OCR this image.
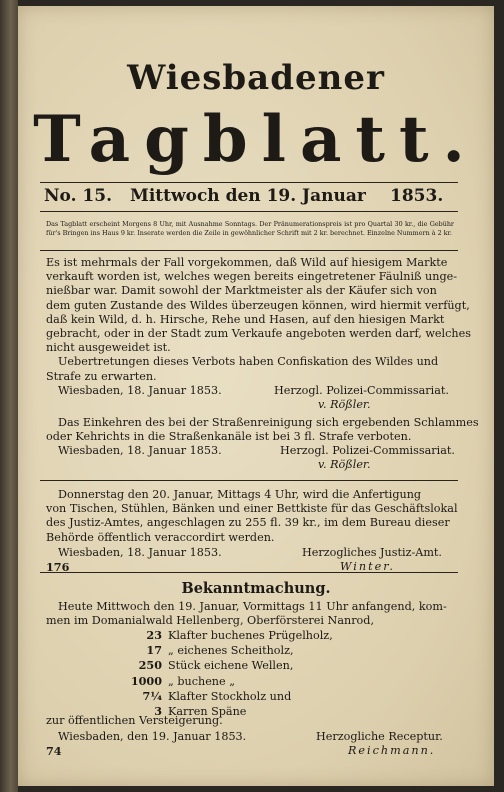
Wiesbadener
Tagblatt.
No. 15. Mittwoch den 19. Januar 1853.
Das Tagblatt erscheint Morgens 8 Uhr, mit Ausnahme Sonntags. Der Pränumerationspreis ist pro Quartal 30 kr., die Gebühr für's Bringen ins Haus 9 kr. Inserate werden die Zeile in gewöhnlicher Schrift mit 2 kr. berechnet. Einzelne Nummern à 2 kr.
Es ist mehrmals der Fall vorgekommen, daß Wild auf hiesigem Markte
verkauft worden ist, welches wegen bereits eingetretener Fäulniß unge-
nießbar war. Damit sowohl der Marktmeister als der Käufer sich von
dem guten Zustande des Wildes überzeugen können, wird hiermit verfügt,
daß kein Wild, d. h. Hirsche, Rehe und Hasen, auf den hiesigen Markt
gebracht, oder in der Stadt zum Verkaufe angeboten werden darf, welches
nicht ausgeweidet ist.
Uebertretungen dieses Verbots haben Confiskation des Wildes und
Strafe zu erwarten.
Wiesbaden, 18. Januar 1853.	Herzogl. Polizei-Commissariat.
v. Rößler.
Das Einkehren des bei der Straßenreinigung sich ergebenden Schlammes
oder Kehrichts in die Straßenkanäle ist bei 3 fl. Strafe verboten.
Wiesbaden, 18. Januar 1853.	Herzogl. Polizei-Commissariat.
v. Rößler.
Donnerstag den 20. Januar, Mittags 4 Uhr, wird die Anfertigung
von Tischen, Stühlen, Bänken und einer Bettkiste für das Geschäftslokal
des Justiz-Amtes, angeschlagen zu 255 fl. 39 kr., im dem Bureau dieser
Behörde öffentlich veraccordirt werden.
Wiesbaden, 18. Januar 1853.	Herzogliches Justiz-Amt.
176	Winter.
Bekanntmachung.
Heute Mittwoch den 19. Januar, Vormittags 11 Uhr anfangend, kom-
men im Domanialwald Hellenberg, Oberförsterei Nanrod,
23 Klafter buchenes Prügelholz,
17 „ eichenes Scheitholz,
250 Stück eichene Wellen,
1000 „ buchene „
7¼ Klafter Stockholz und
3 Karren Späne
zur öffentlichen Versteigerung.
Wiesbaden, den 19. Januar 1853.	Herzogliche Receptur.
74	Reichmann.
